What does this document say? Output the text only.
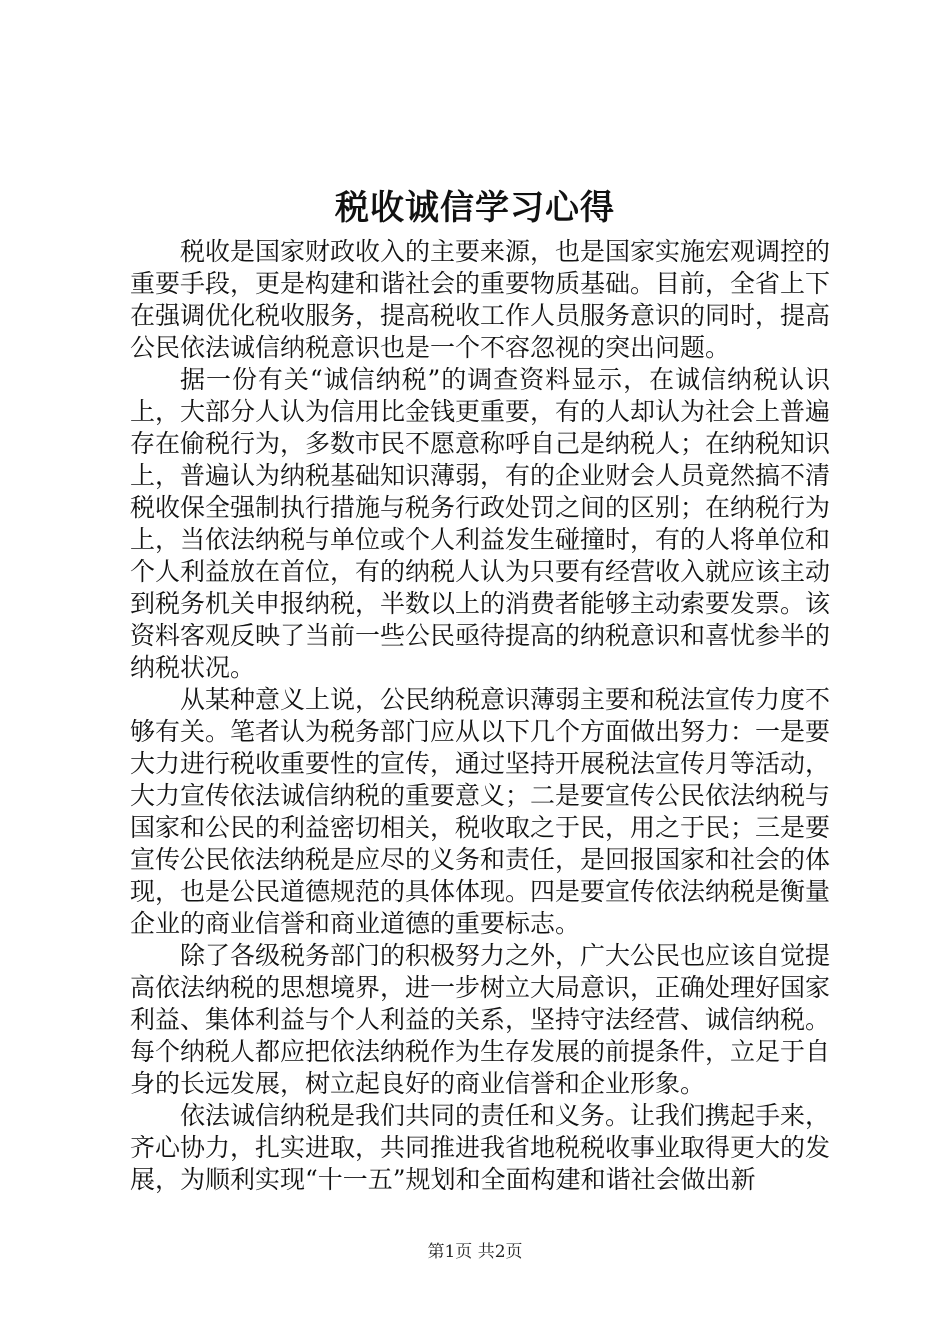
税收诚信学习心得

税收是国家财政收入的主要来源，也是国家实施宏观调控的重要手段，更是构建和谐社会的重要物质基础。目前，全省上下在强调优化税收服务，提高税收工作人员服务意识的同时，提高公民依法诚信纳税意识也是一个不容忽视的突出问题。

据一份有关“诚信纳税”的调查资料显示，在诚信纳税认识上，大部分人认为信用比金钱更重要，有的人却认为社会上普遍存在偷税行为，多数市民不愿意称呼自己是纳税人；在纳税知识上，普遍认为纳税基础知识薄弱，有的企业财会人员竟然搞不清税收保全强制执行措施与税务行政处罚之间的区别；在纳税行为上，当依法纳税与单位或个人利益发生碰撞时，有的人将单位和个人利益放在首位，有的纳税人认为只要有经营收入就应该主动到税务机关申报纳税，半数以上的消费者能够主动索要发票。该资料客观反映了当前一些公民亟待提高的纳税意识和喜忧参半的纳税状况。

从某种意义上说，公民纳税意识薄弱主要和税法宣传力度不够有关。笔者认为税务部门应从以下几个方面做出努力：一是要大力进行税收重要性的宣传，通过坚持开展税法宣传月等活动，大力宣传依法诚信纳税的重要意义；二是要宣传公民依法纳税与国家和公民的利益密切相关，税收取之于民，用之于民；三是要宣传公民依法纳税是应尽的义务和责任，是回报国家和社会的体现，也是公民道德规范的具体体现。四是要宣传依法纳税是衡量企业的商业信誉和商业道德的重要标志。

除了各级税务部门的积极努力之外，广大公民也应该自觉提高依法纳税的思想境界，进一步树立大局意识，正确处理好国家利益、集体利益与个人利益的关系，坚持守法经营、诚信纳税。每个纳税人都应把依法纳税作为生存发展的前提条件，立足于自身的长远发展，树立起良好的商业信誉和企业形象。

依法诚信纳税是我们共同的责任和义务。让我们携起手来，齐心协力，扎实进取，共同推进我省地税税收事业取得更大的发展，为顺利实现“十一五”规划和全面构建和谐社会做出新

第1页 共2页
